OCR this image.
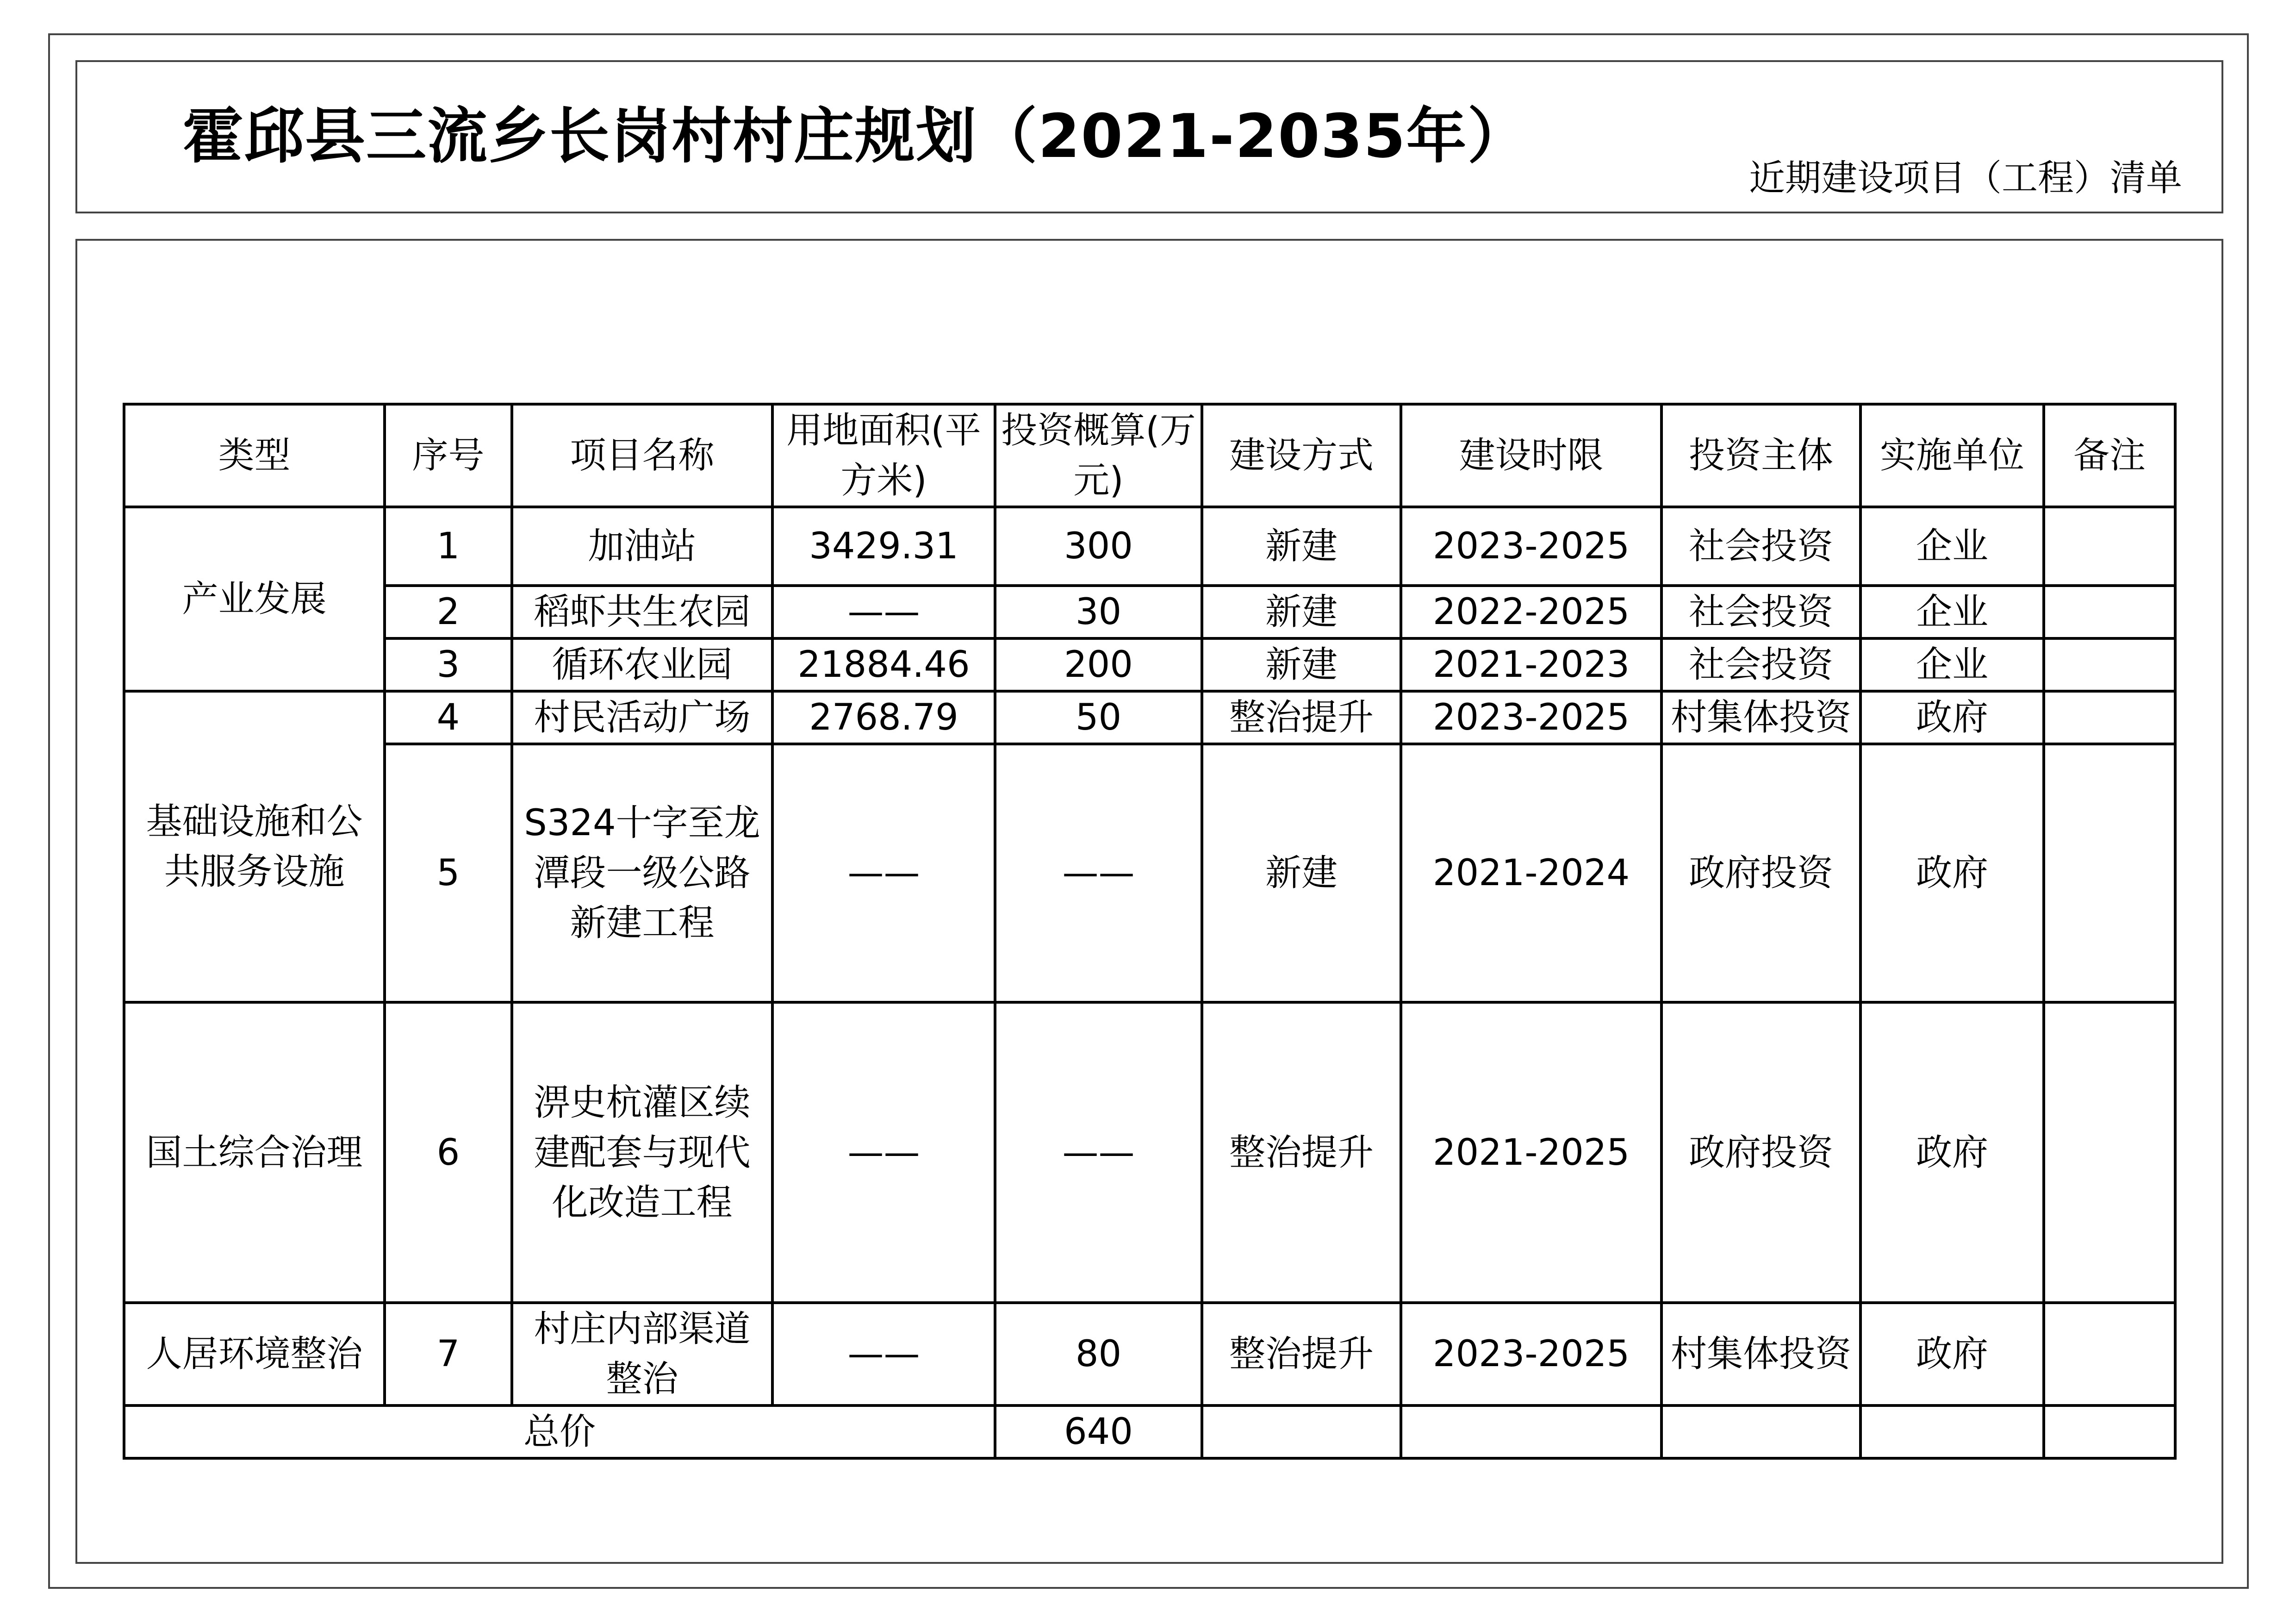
霍邱县三流乡长岗村村庄规划（2021-2035年）
近期建设项目（工程）清单
类型	序号	项目名称	用地面积(平方米)	投资概算(万元)	建设方式	建设时限	投资主体	实施单位	备注
产业发展	1	加油站	3429.31	300	新建	2023-2025	社会投资	企业	
	2	稻虾共生农园	——	30	新建	2022-2025	社会投资	企业	
	3	循环农业园	21884.46	200	新建	2021-2023	社会投资	企业	
基础设施和公共服务设施	4	村民活动广场	2768.79	50	整治提升	2023-2025	村集体投资	政府	
	5	S324十字至龙潭段一级公路新建工程	——	——	新建	2021-2024	政府投资	政府	
国土综合治理	6	淠史杭灌区续建配套与现代化改造工程	——	——	整治提升	2021-2025	政府投资	政府	
人居环境整治	7	村庄内部渠道整治	——	80	整治提升	2023-2025	村集体投资	政府	
总价				640					
